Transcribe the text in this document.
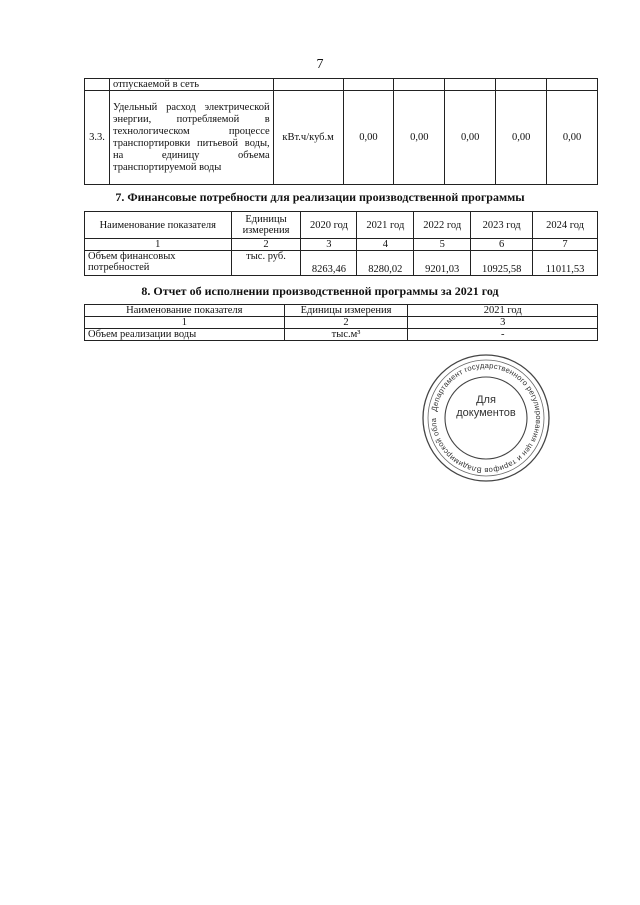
7
	отпускаемой в сеть						
3.3.	Удельный расход электрической энергии, потребляемой в технологическом процессе транспортировки питьевой воды, на единицу объема транспортируемой воды	кВт.ч/куб.м	0,00	0,00	0,00	0,00	0,00
7. Финансовые потребности для реализации производственной программы
Наименование показателя	Единицы измерения	2020 год	2021 год	2022 год	2023 год	2024 год
1	2	3	4	5	6	7
Объем финансовых потребностей	тыс. руб.	8263,46	8280,02	9201,03	10925,58	11011,53
8. Отчет об исполнении производственной программы за 2021 год
Наименование показателя	Единицы измерения	2021 год
1	2	3
Объем реализации воды	тыс.м³	-
Департамент государственного регулирования цен и тарифов Владимирской обла
Для
документов
